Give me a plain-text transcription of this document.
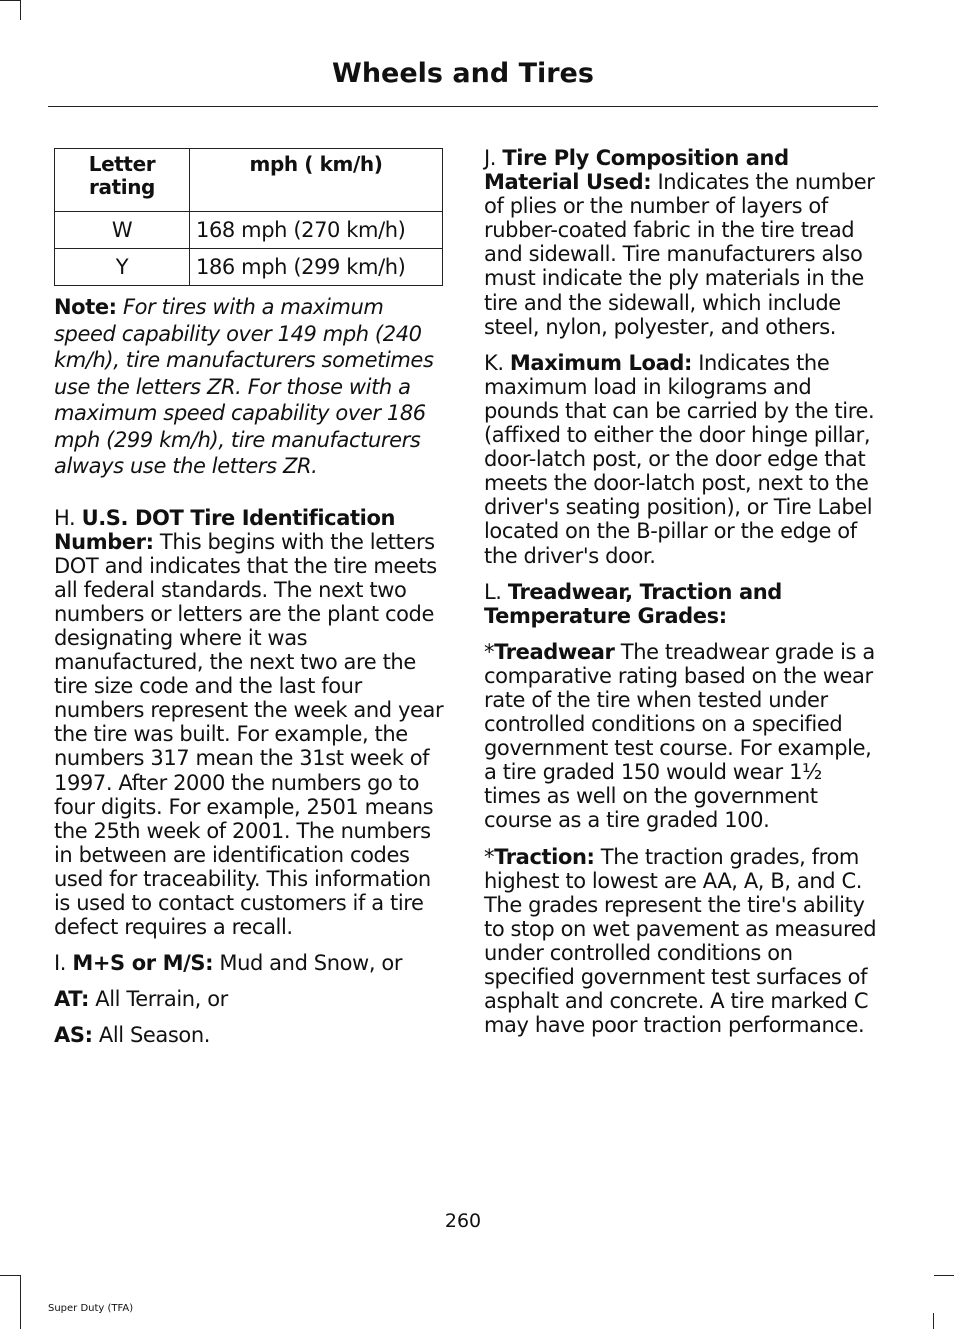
Wheels and Tires
Letter rating	mph ( km/h)
W	168 mph (270 km/h)
Y	186 mph (299 km/h)

Note: For tires with a maximum speed capability over 149 mph (240 km/h), tire manufacturers sometimes use the letters ZR. For those with a maximum speed capability over 186 mph (299 km/h), tire manufacturers always use the letters ZR.

H. U.S. DOT Tire Identification Number: This begins with the letters DOT and indicates that the tire meets all federal standards. The next two numbers or letters are the plant code designating where it was manufactured, the next two are the tire size code and the last four numbers represent the week and year the tire was built. For example, the numbers 317 mean the 31st week of 1997. After 2000 the numbers go to four digits. For example, 2501 means the 25th week of 2001. The numbers in between are identification codes used for traceability. This information is used to contact customers if a tire defect requires a recall.

I. M+S or M/S: Mud and Snow, or

AT: All Terrain, or

AS: All Season.

J. Tire Ply Composition and Material Used: Indicates the number of plies or the number of layers of rubber-coated fabric in the tire tread and sidewall. Tire manufacturers also must indicate the ply materials in the tire and the sidewall, which include steel, nylon, polyester, and others.

K. Maximum Load: Indicates the maximum load in kilograms and pounds that can be carried by the tire. (affixed to either the door hinge pillar, door-latch post, or the door edge that meets the door-latch post, next to the driver's seating position), or Tire Label located on the B-pillar or the edge of the driver's door.

L. Treadwear, Traction and Temperature Grades:

*Treadwear The treadwear grade is a comparative rating based on the wear rate of the tire when tested under controlled conditions on a specified government test course. For example, a tire graded 150 would wear 1½ times as well on the government course as a tire graded 100.

*Traction: The traction grades, from highest to lowest are AA, A, B, and C. The grades represent the tire's ability to stop on wet pavement as measured under controlled conditions on specified government test surfaces of asphalt and concrete. A tire marked C may have poor traction performance.

260
Super Duty (TFA)
